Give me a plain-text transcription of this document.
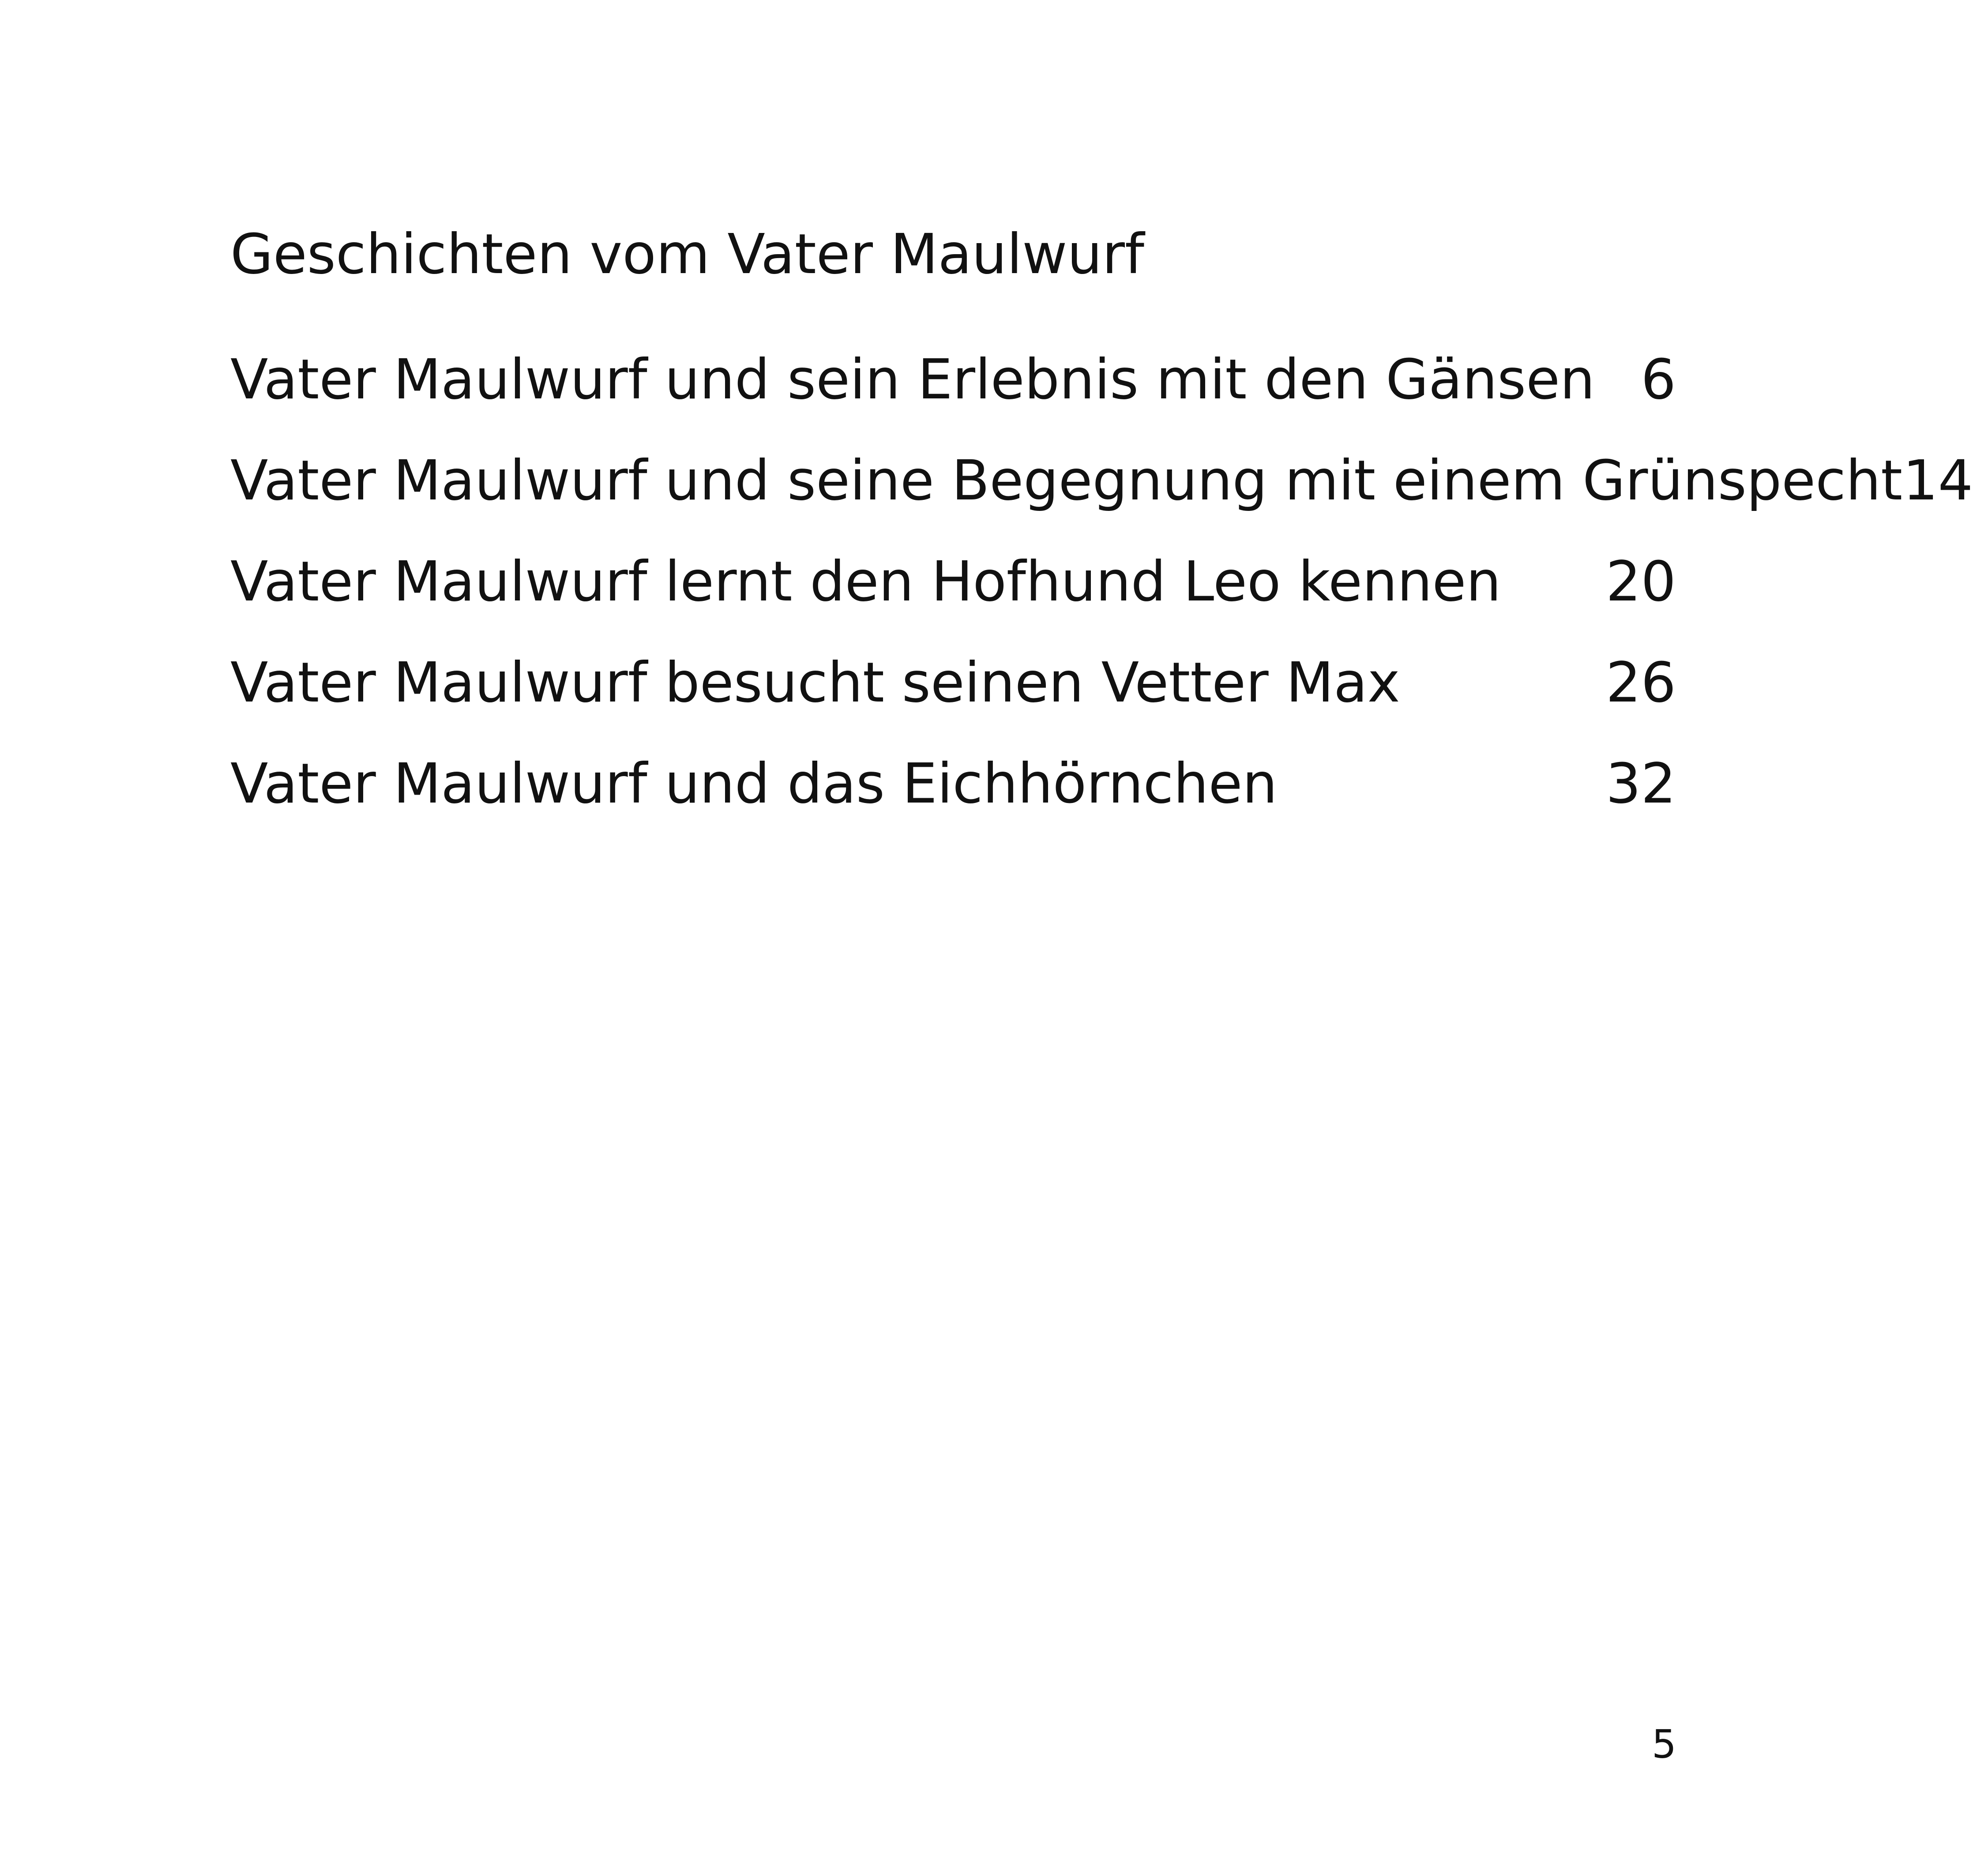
Geschichten vom Vater Maulwurf
Vater Maulwurf und sein Erlebnis mit den Gänsen 6
Vater Maulwurf und seine Begegnung mit einem Grünspecht 14
Vater Maulwurf lernt den Hofhund Leo kennen 20
Vater Maulwurf besucht seinen Vetter Max	26
Vater Maulwurf und das Eichhörnchen	32
5
